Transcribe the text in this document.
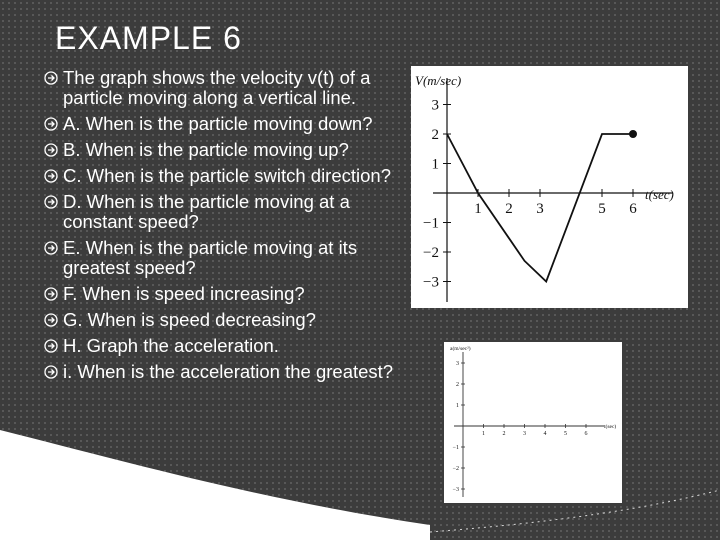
EXAMPLE 6
The graph shows the velocity v(t) of a particle moving along a vertical line.
A. When is the particle moving down?
B. When is the particle moving up?
C. When is the particle switch direction?
D. When is the particle moving at a constant speed?
E. When is the particle moving at its greatest speed?
F. When is speed increasing?
G. When is speed decreasing?
H. Graph the acceleration.
i. When is the acceleration the greatest?
V(m/sec)
t(sec)
1 2 3	5 6
3
2
1
−1
−2
−3
a(m/sec²)
t(sec)
1	2	3	4	5	6
3
2
1
−1
−2
−3
